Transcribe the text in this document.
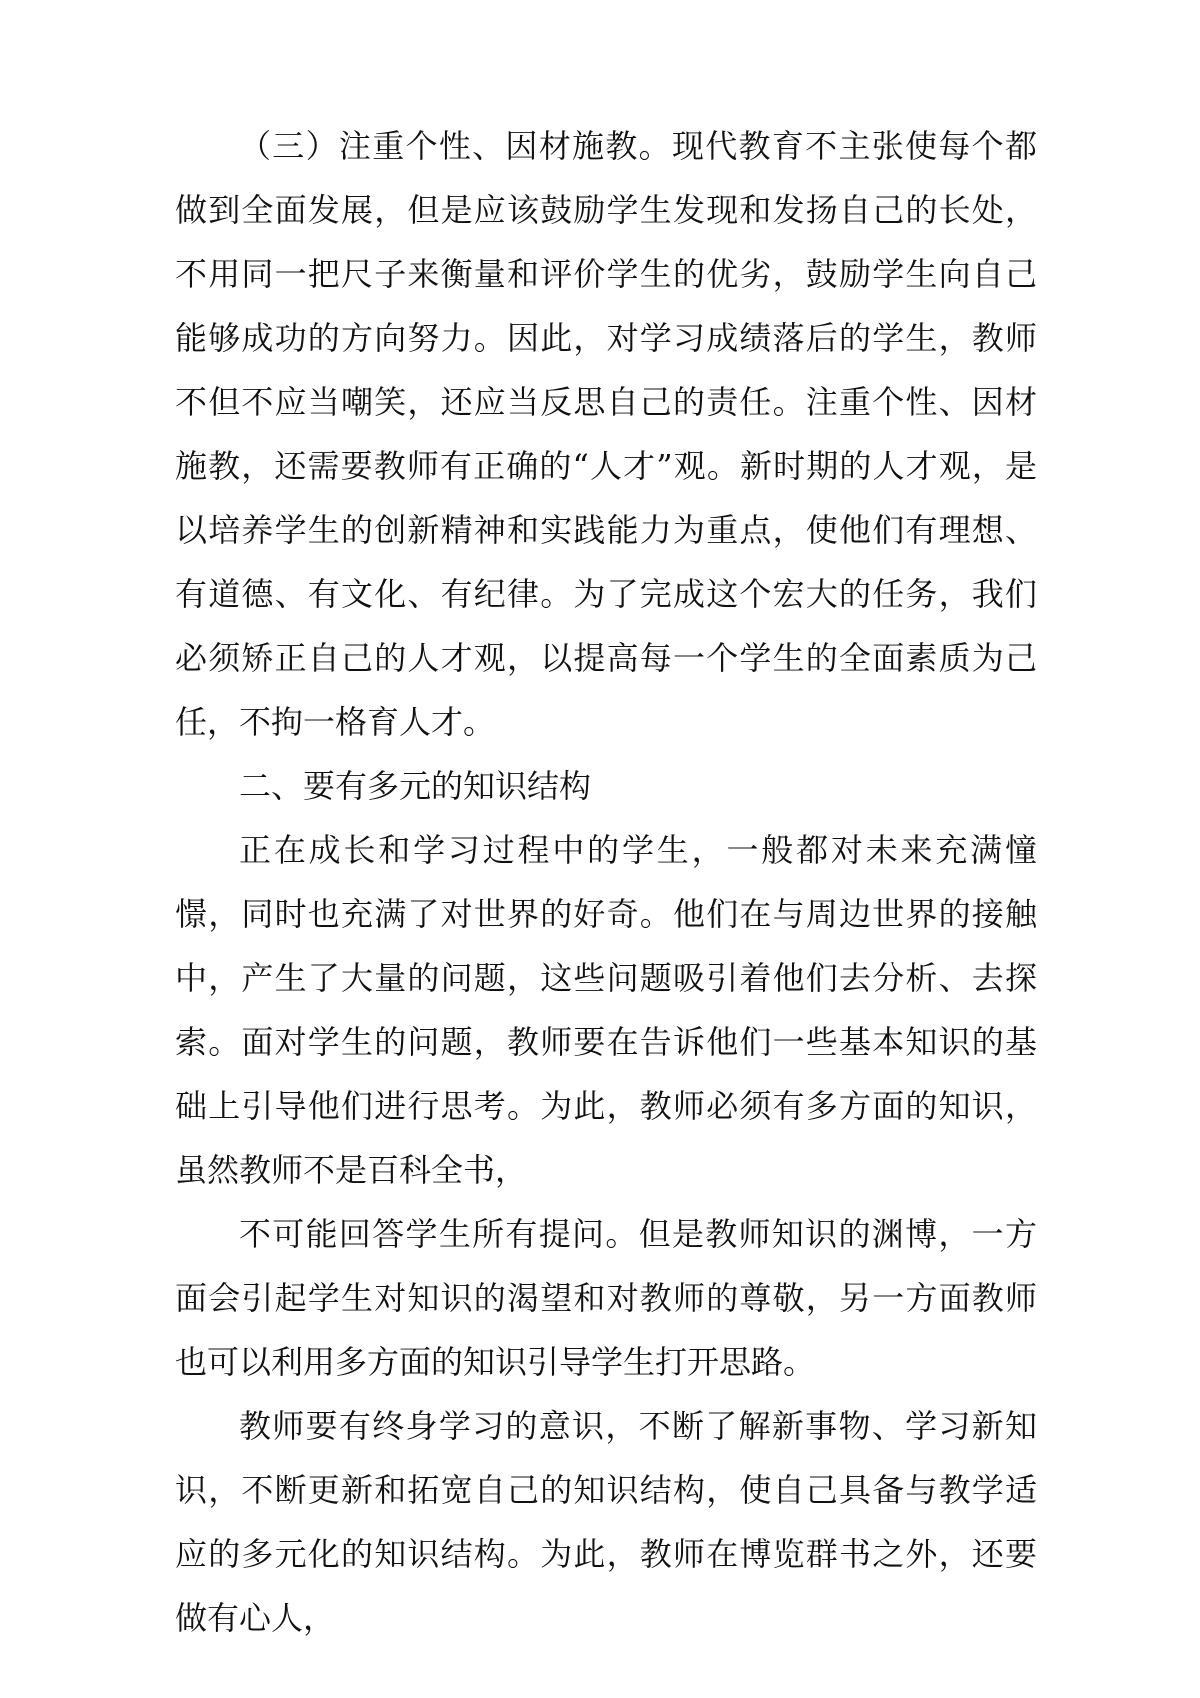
（三）注重个性、因材施教。现代教育不主张使每个都做到全面发展，但是应该鼓励学生发现和发扬自己的长处，不用同一把尺子来衡量和评价学生的优劣，鼓励学生向自己能够成功的方向努力。因此，对学习成绩落后的学生，教师不但不应当嘲笑，还应当反思自己的责任。注重个性、因材施教，还需要教师有正确的“人才”观。新时期的人才观，是以培养学生的创新精神和实践能力为重点，使他们有理想、有道德、有文化、有纪律。为了完成这个宏大的任务，我们必须矫正自己的人才观，以提高每一个学生的全面素质为己任，不拘一格育人才。

二、要有多元的知识结构

正在成长和学习过程中的学生，一般都对未来充满憧憬，同时也充满了对世界的好奇。他们在与周边世界的接触中，产生了大量的问题，这些问题吸引着他们去分析、去探索。面对学生的问题，教师要在告诉他们一些基本知识的基础上引导他们进行思考。为此，教师必须有多方面的知识，虽然教师不是百科全书，

不可能回答学生所有提问。但是教师知识的渊博，一方面会引起学生对知识的渴望和对教师的尊敬，另一方面教师也可以利用多方面的知识引导学生打开思路。

教师要有终身学习的意识，不断了解新事物、学习新知识，不断更新和拓宽自己的知识结构，使自己具备与教学适应的多元化的知识结构。为此，教师在博览群书之外，还要做有心人，
